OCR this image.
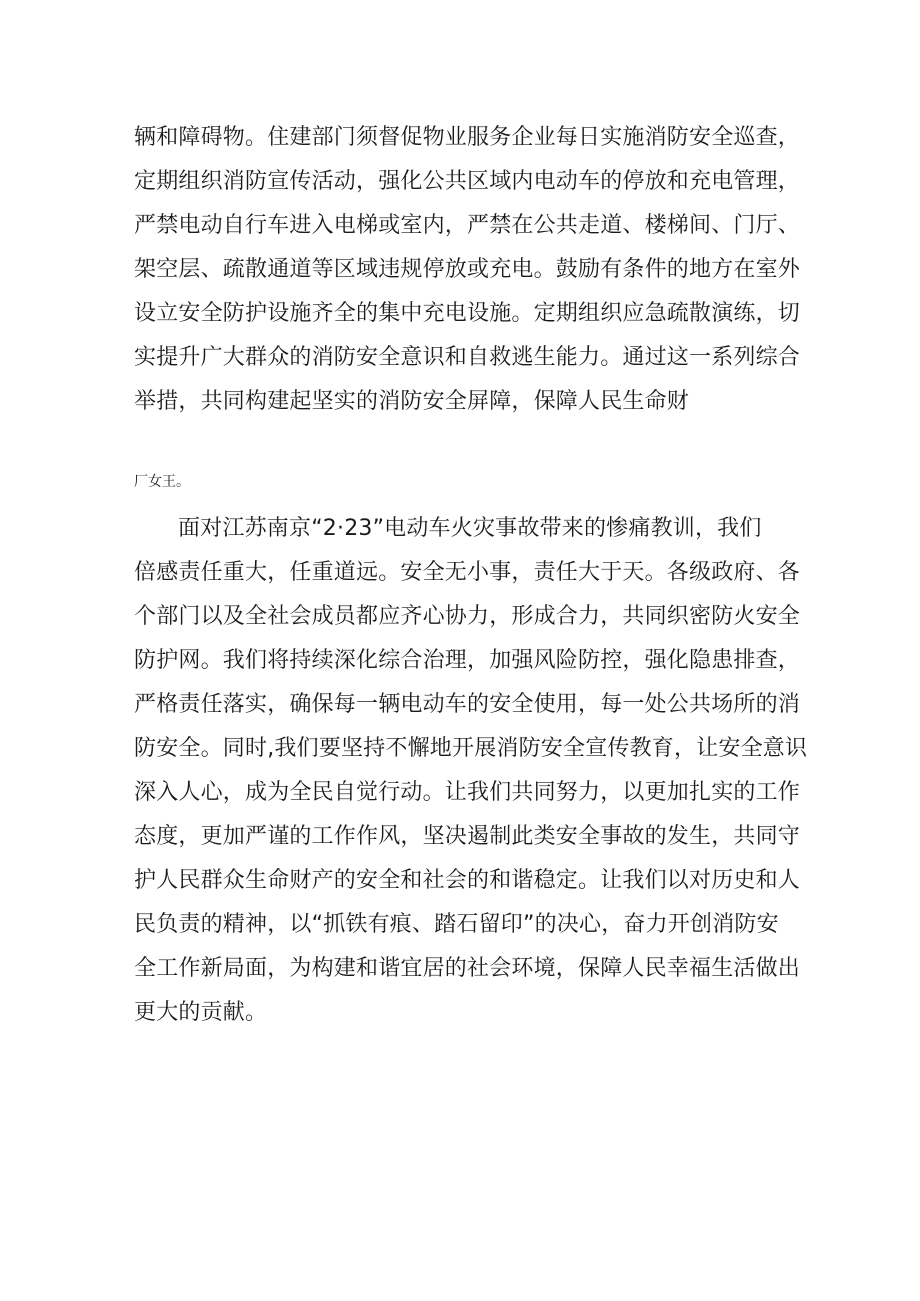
辆和障碍物。住建部门须督促物业服务企业每日实施消防安全巡查，
定期组织消防宣传活动，强化公共区域内电动车的停放和充电管理，
严禁电动自行车进入电梯或室内，严禁在公共走道、楼梯间、门厅、
架空层、疏散通道等区域违规停放或充电。鼓励有条件的地方在室外
设立安全防护设施齐全的集中充电设施。定期组织应急疏散演练，切
实提升广大群众的消防安全意识和自救逃生能力。通过这一系列综合
举措，共同构建起坚实的消防安全屏障，保障人民生命财
厂女王。
面对江苏南京“2·23”电动车火灾事故带来的惨痛教训，我们
倍感责任重大，任重道远。安全无小事，责任大于天。各级政府、各
个部门以及全社会成员都应齐心协力，形成合力，共同织密防火安全
防护网。我们将持续深化综合治理，加强风险防控，强化隐患排查，
严格责任落实，确保每一辆电动车的安全使用，每一处公共场所的消
防安全。同时,我们要坚持不懈地开展消防安全宣传教育，让安全意识
深入人心，成为全民自觉行动。让我们共同努力，以更加扎实的工作
态度，更加严谨的工作作风，坚决遏制此类安全事故的发生，共同守
护人民群众生命财产的安全和社会的和谐稳定。让我们以对历史和人
民负责的精神，以“抓铁有痕、踏石留印”的决心，奋力开创消防安
全工作新局面，为构建和谐宜居的社会环境，保障人民幸福生活做出
更大的贡献。
